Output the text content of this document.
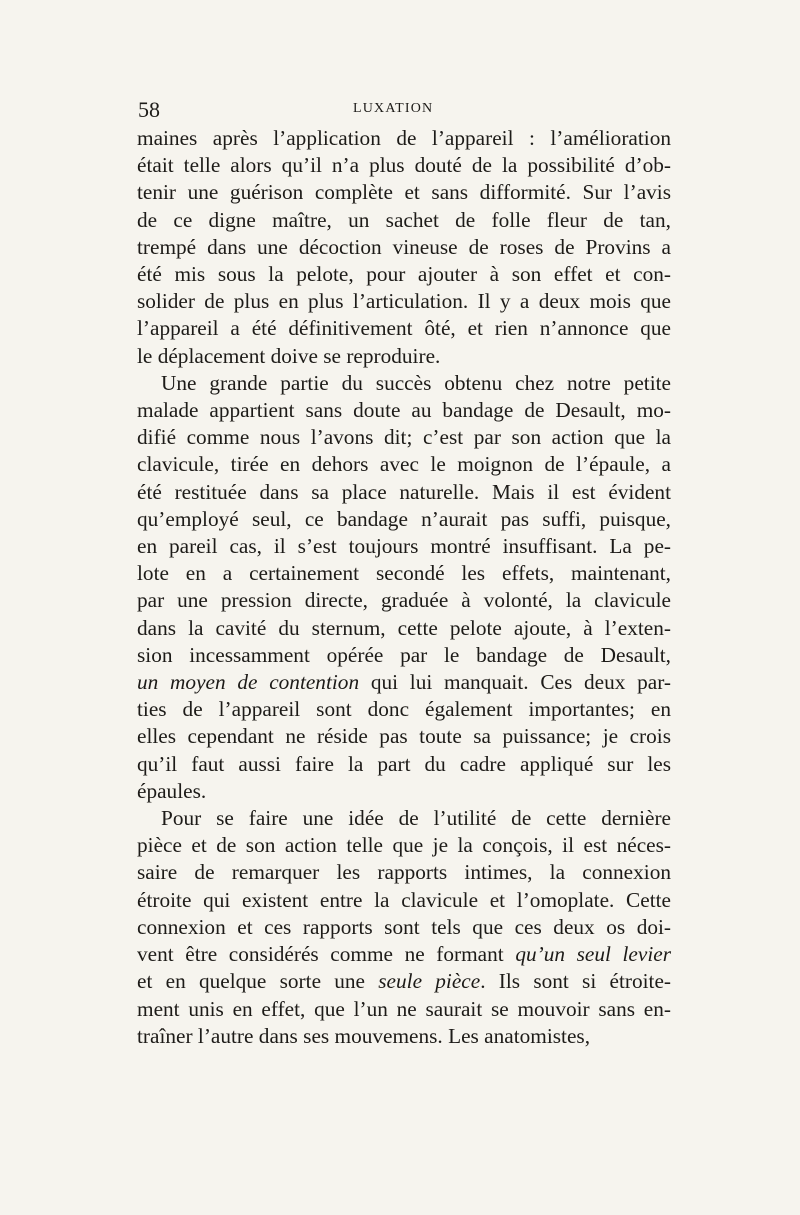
58	LUXATION
maines après l’application de l’appareil : l’amélioration
était telle alors qu’il n’a plus douté de la possibilité d’ob-
tenir une guérison complète et sans difformité. Sur l’avis
de ce digne maître, un sachet de folle fleur de tan,
trempé dans une décoction vineuse de roses de Provins a
été mis sous la pelote, pour ajouter à son effet et con-
solider de plus en plus l’articulation. Il y a deux mois que
l’appareil a été définitivement ôté, et rien n’annonce que
le déplacement doive se reproduire.
Une grande partie du succès obtenu chez notre petite
malade appartient sans doute au bandage de Desault, mo-
difié comme nous l’avons dit; c’est par son action que la
clavicule, tirée en dehors avec le moignon de l’épaule, a
été restituée dans sa place naturelle. Mais il est évident
qu’employé seul, ce bandage n’aurait pas suffi, puisque,
en pareil cas, il s’est toujours montré insuffisant. La pe-
lote en a certainement secondé les effets, maintenant,
par une pression directe, graduée à volonté, la clavicule
dans la cavité du sternum, cette pelote ajoute, à l’exten-
sion incessamment opérée par le bandage de Desault,
un moyen de contention qui lui manquait. Ces deux par-
ties de l’appareil sont donc également importantes; en
elles cependant ne réside pas toute sa puissance; je crois
qu’il faut aussi faire la part du cadre appliqué sur les
épaules.
Pour se faire une idée de l’utilité de cette dernière
pièce et de son action telle que je la conçois, il est néces-
saire de remarquer les rapports intimes, la connexion
étroite qui existent entre la clavicule et l’omoplate. Cette
connexion et ces rapports sont tels que ces deux os doi-
vent être considérés comme ne formant qu’un seul levier
et en quelque sorte une seule pièce. Ils sont si étroite-
ment unis en effet, que l’un ne saurait se mouvoir sans en-
traîner l’autre dans ses mouvemens. Les anatomistes,
